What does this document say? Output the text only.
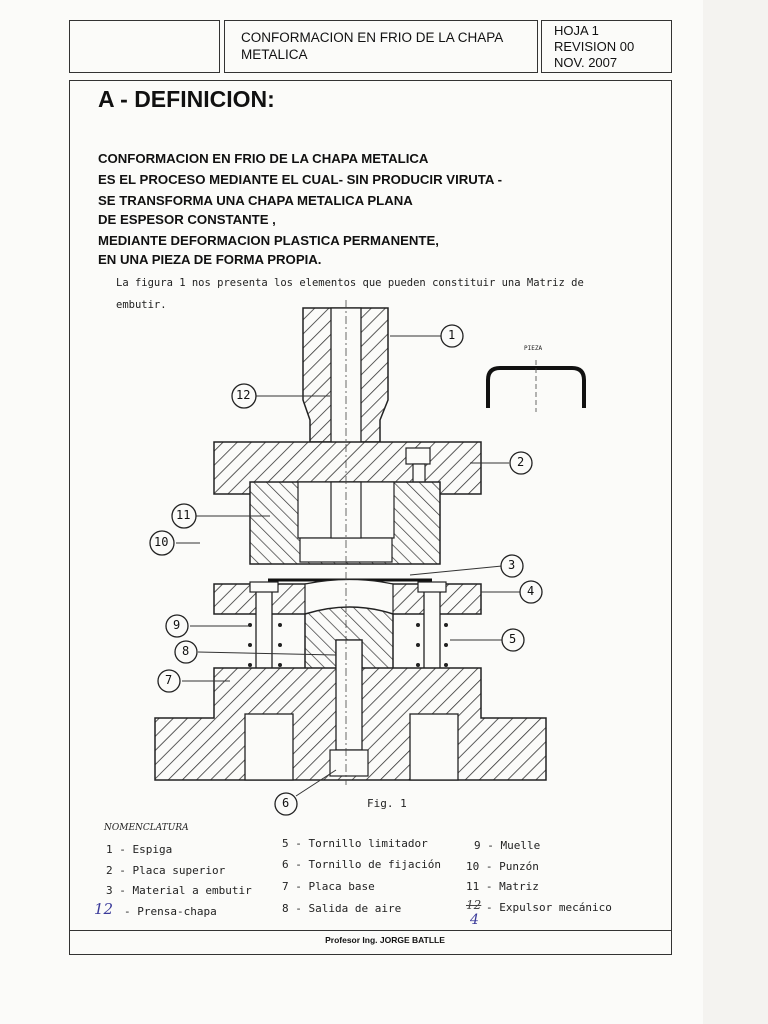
CONFORMACION EN FRIO DE LA CHAPA
METALICA
HOJA 1
REVISION 00
NOV. 2007
A - DEFINICION:
CONFORMACION EN FRIO DE LA CHAPA METALICA
ES EL PROCESO MEDIANTE EL CUAL- SIN PRODUCIR VIRUTA -
SE TRANSFORMA UNA CHAPA METALICA PLANA
DE ESPESOR CONSTANTE ,
MEDIANTE DEFORMACION PLASTICA PERMANENTE,
EN UNA PIEZA DE FORMA PROPIA.
La figura 1 nos presenta los elementos que pueden constituir una Matriz de
embutir.
1
12
2
11
10
3
4
9
5
8
7
6
PIEZA
Fig. 1
NOMENCLATURA
1 - Espiga
2 - Placa superior
3 - Material a embutir
12 - Prensa-chapa
5 - Tornillo limitador
6 - Tornillo de fijación
7 - Placa base
8 - Salida de aire
9 - Muelle
10 - Punzón
11 - Matriz
12 - Expulsor mecánico
4
Profesor Ing. JORGE BATLLE
